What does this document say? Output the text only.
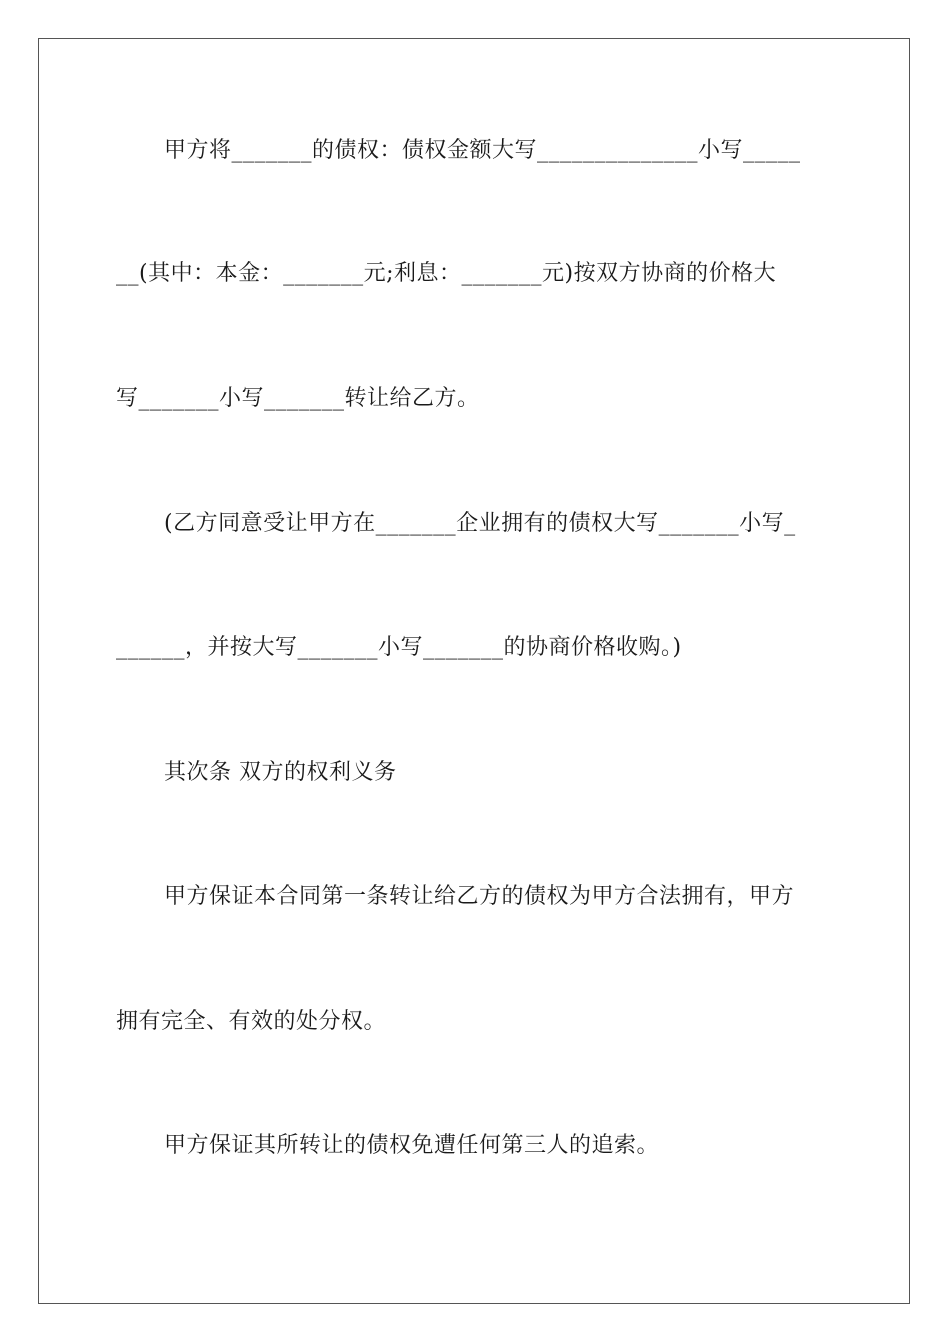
甲方将_______的债权：债权金额大写______________小写_____
__(其中：本金：_______元;利息：_______元)按双方协商的价格大
写_______小写_______转让给乙方。
(乙方同意受让甲方在_______企业拥有的债权大写_______小写_
______，并按大写_______小写_______的协商价格收购。)
其次条 双方的权利义务
甲方保证本合同第一条转让给乙方的债权为甲方合法拥有，甲方
拥有完全、有效的处分权。
甲方保证其所转让的债权免遭任何第三人的追索。
